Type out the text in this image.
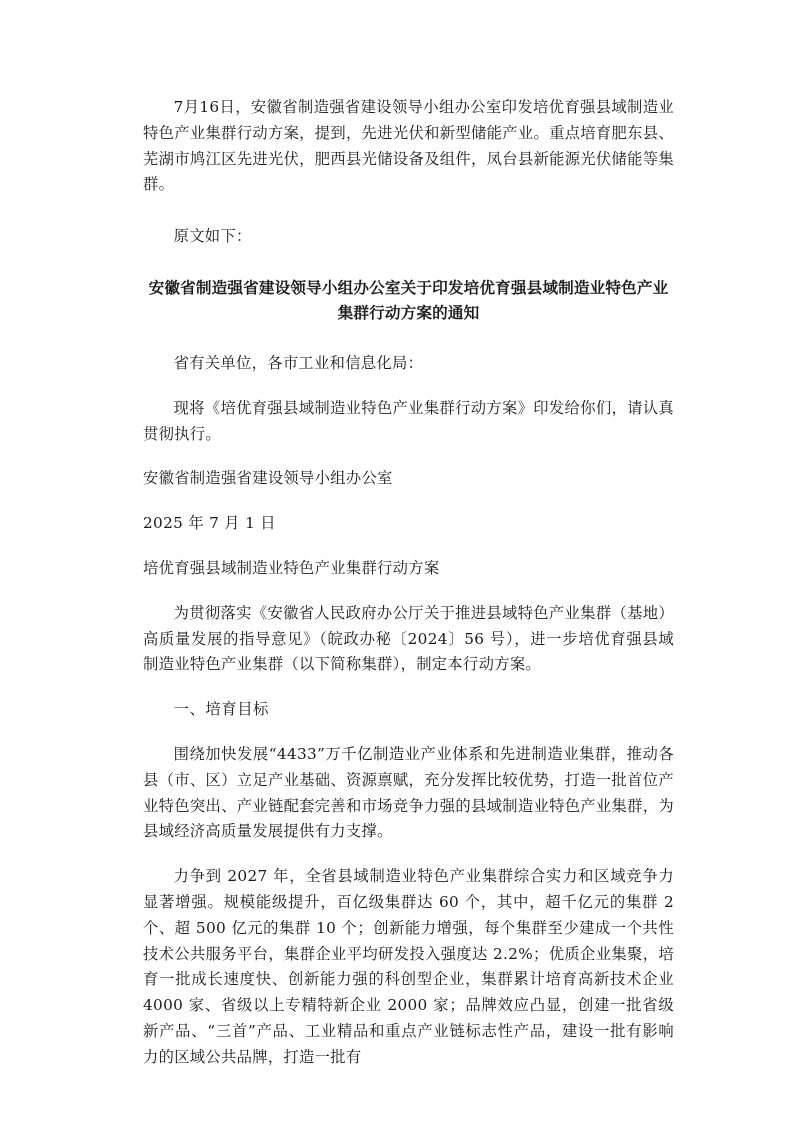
7月16日，安徽省制造强省建设领导小组办公室印发培优育强县域制造业特色产业集群行动方案，提到，先进光伏和新型储能产业。重点培育肥东县、芜湖市鸠江区先进光伏，肥西县光储设备及组件，凤台县新能源光伏储能等集群。

原文如下：

安徽省制造强省建设领导小组办公室关于印发培优育强县域制造业特色产业集群行动方案的通知

省有关单位，各市工业和信息化局：

现将《培优育强县域制造业特色产业集群行动方案》印发给你们，请认真贯彻执行。

安徽省制造强省建设领导小组办公室

2025 年 7 月 1 日

培优育强县域制造业特色产业集群行动方案

为贯彻落实《安徽省人民政府办公厅关于推进县域特色产业集群（基地）高质量发展的指导意见》（皖政办秘〔2024〕56 号），进一步培优育强县域制造业特色产业集群（以下简称集群），制定本行动方案。

一、培育目标

围绕加快发展“4433”万千亿制造业产业体系和先进制造业集群，推动各县（市、区）立足产业基础、资源禀赋，充分发挥比较优势，打造一批首位产业特色突出、产业链配套完善和市场竞争力强的县域制造业特色产业集群，为县域经济高质量发展提供有力支撑。

力争到 2027 年，全省县域制造业特色产业集群综合实力和区域竞争力显著增强。规模能级提升，百亿级集群达 60 个，其中，超千亿元的集群 2 个、超 500 亿元的集群 10 个；创新能力增强，每个集群至少建成一个共性技术公共服务平台，集群企业平均研发投入强度达 2.2%；优质企业集聚，培育一批成长速度快、创新能力强的科创型企业，集群累计培育高新技术企业 4000 家、省级以上专精特新企业 2000 家；品牌效应凸显，创建一批省级新产品、“三首”产品、工业精品和重点产业链标志性产品，建设一批有影响力的区域公共品牌，打造一批有
